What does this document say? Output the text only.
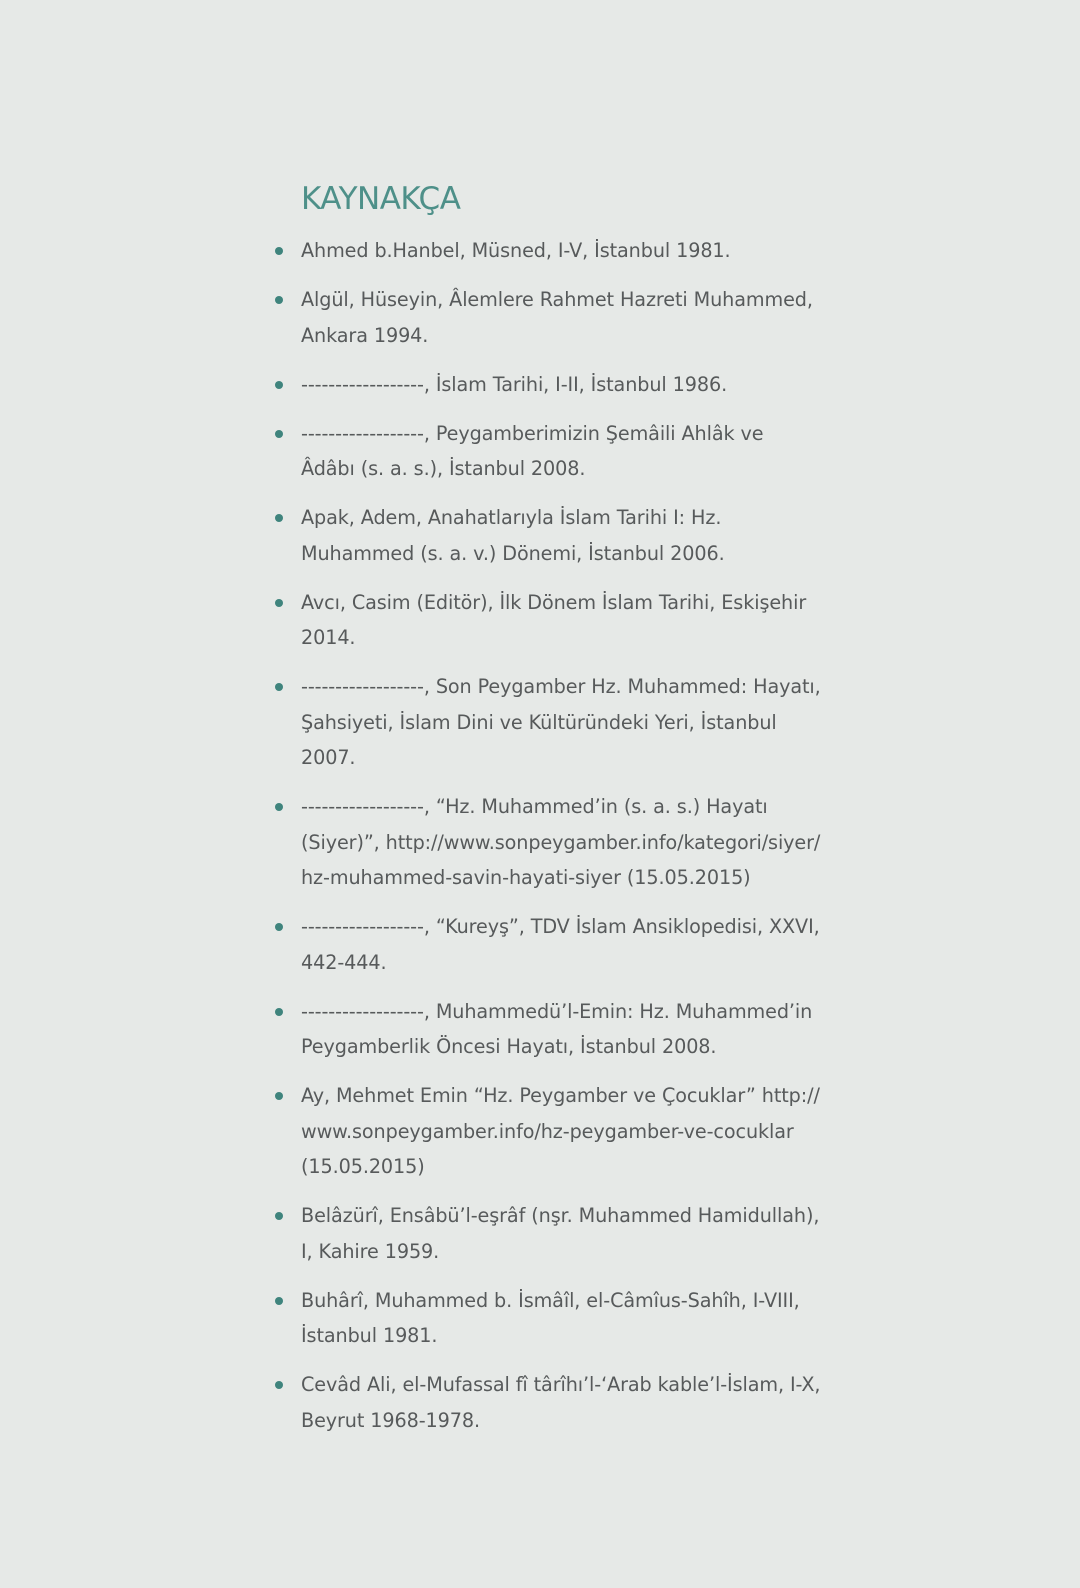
KAYNAKÇA
Ahmed b.Hanbel, Müsned, I-V, İstanbul 1981.
Algül, Hüseyin, Âlemlere Rahmet Hazreti Muhammed, Ankara 1994.
------------------, İslam Tarihi, I-II, İstanbul 1986.
------------------, Peygamberimizin Şemâili Ahlâk ve Âdâbı (s. a. s.), İstanbul 2008.
Apak, Adem, Anahatlarıyla İslam Tarihi I: Hz. Muhammed (s. a. v.) Dönemi, İstanbul 2006.
Avcı, Casim (Editör), İlk Dönem İslam Tarihi, Eskişehir 2014.
------------------, Son Peygamber Hz. Muhammed: Hayatı, Şahsiyeti, İslam Dini ve Kültüründeki Yeri, İstanbul 2007.
------------------, “Hz. Muhammed’in (s. a. s.) Hayatı (Siyer)”, http://www.sonpeygamber.info/kategori/siyer/ hz-muhammed-savin-hayati-siyer (15.05.2015)
------------------, “Kureyş”, TDV İslam Ansiklopedisi, XXVI, 442-444.
------------------, Muhammedü’l-Emin: Hz. Muhammed’in Peygamberlik Öncesi Hayatı, İstanbul 2008.
Ay, Mehmet Emin “Hz. Peygamber ve Çocuklar” http:// www.sonpeygamber.info/hz-peygamber-ve-cocuklar (15.05.2015)
Belâzürî, Ensâbü’l-eşrâf (nşr. Muhammed Hamidullah), I, Kahire 1959.
Buhârî, Muhammed b. İsmâîl, el-Câmîus-Sahîh, I-VIII, İstanbul 1981.
Cevâd Ali, el-Mufassal fî târîhı’l-‘Arab kable’l-İslam, I-X, Beyrut 1968-1978.
